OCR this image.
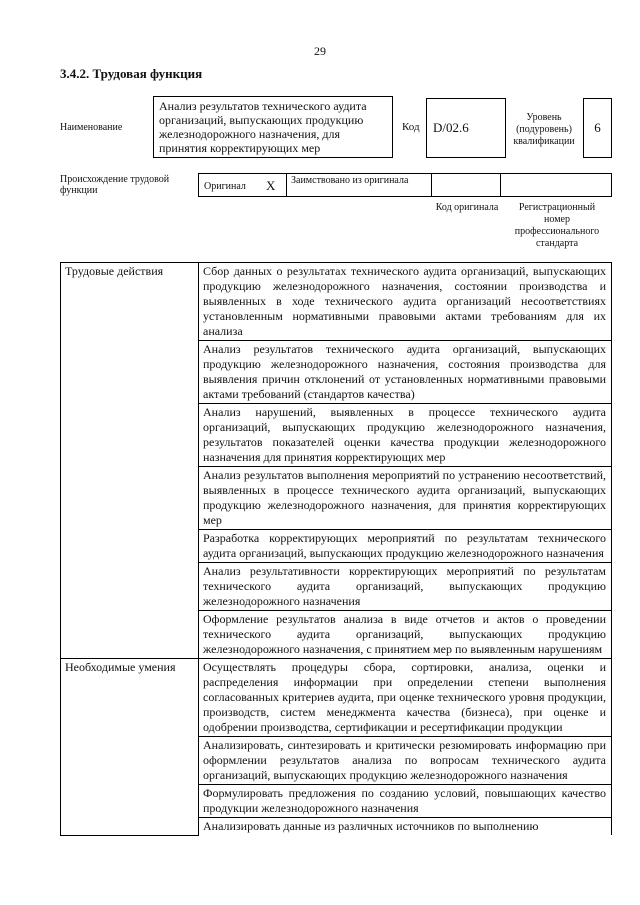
29
3.4.2. Трудовая функция
Наименование
Анализ результатов технического аудита организаций, выпускающих продукцию железнодорожного назначения, для принятия корректирующих мер
Код D/02.6
Уровень (подуровень) квалификации
6
Происхождение трудовой функции	Оригинал X Заимствовано из оригинала
Код оригинала	Регистрационный номер профессионального стандарта
Трудовые действия	Сбор данных о результатах технического аудита организаций, выпускающих продукцию железнодорожного назначения, состоянии производства и выявленных в ходе технического аудита организаций несоответствиях установленным нормативными правовыми актами требованиям для их анализа
	Анализ результатов технического аудита организаций, выпускающих продукцию железнодорожного назначения, состояния производства для выявления причин отклонений от установленных нормативными правовыми актами требований (стандартов качества)
	Анализ нарушений, выявленных в процессе технического аудита организаций, выпускающих продукцию железнодорожного назначения, результатов показателей оценки качества продукции железнодорожного назначения для принятия корректирующих мер
	Анализ результатов выполнения мероприятий по устранению несоответствий, выявленных в процессе технического аудита организаций, выпускающих продукцию железнодорожного назначения, для принятия корректирующих мер
	Разработка корректирующих мероприятий по результатам технического аудита организаций, выпускающих продукцию железнодорожного назначения
	Анализ результативности корректирующих мероприятий по результатам технического аудита организаций, выпускающих продукцию железнодорожного назначения
	Оформление результатов анализа в виде отчетов и актов о проведении технического аудита организаций, выпускающих продукцию железнодорожного назначения, с принятием мер по выявленным нарушениям
Необходимые умения	Осуществлять процедуры сбора, сортировки, анализа, оценки и распределения информации при определении степени выполнения согласованных критериев аудита, при оценке технического уровня продукции, производств, систем менеджмента качества (бизнеса), при оценке и одобрении производства, сертификации и ресертификации продукции
	Анализировать, синтезировать и критически резюмировать информацию при оформлении результатов анализа по вопросам технического аудита организаций, выпускающих продукцию железнодорожного назначения
	Формулировать предложения по созданию условий, повышающих качество продукции железнодорожного назначения
	Анализировать данные из различных источников по выполнению
